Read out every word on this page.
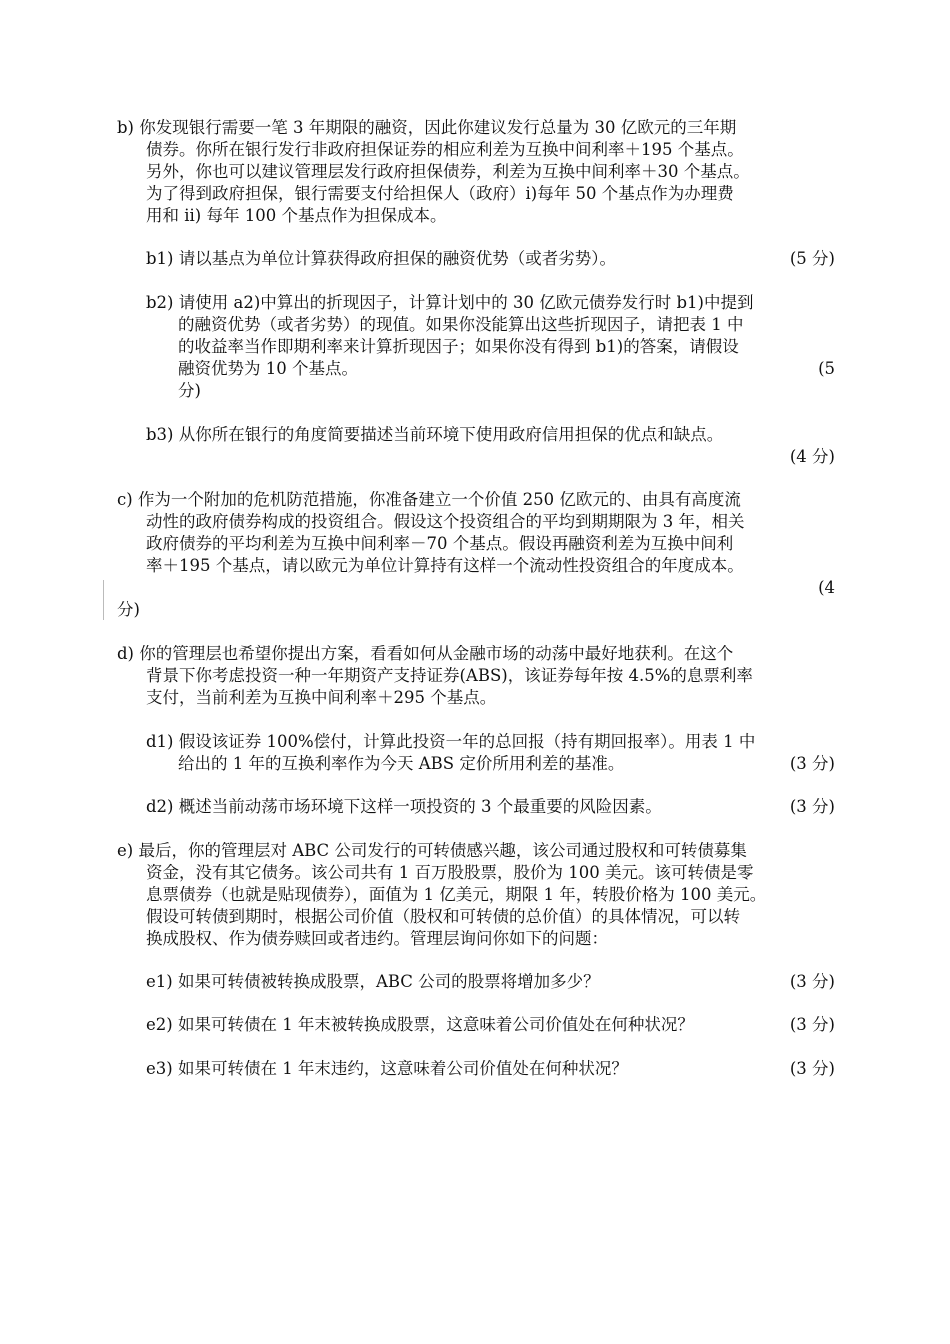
b) 你发现银行需要一笔 3 年期限的融资，因此你建议发行总量为 30 亿欧元的三年期
债券。你所在银行发行非政府担保证券的相应利差为互换中间利率＋195 个基点。
另外，你也可以建议管理层发行政府担保债券，利差为互换中间利率＋30 个基点。
为了得到政府担保，银行需要支付给担保人（政府）i)每年 50 个基点作为办理费
用和 ii) 每年 100 个基点作为担保成本。
b1) 请以基点为单位计算获得政府担保的融资优势（或者劣势）。	(5 分)
b2) 请使用 a2)中算出的折现因子，计算计划中的 30 亿欧元债券发行时 b1)中提到
的融资优势（或者劣势）的现值。如果你没能算出这些折现因子，请把表 1 中
的收益率当作即期利率来计算折现因子；如果你没有得到 b1)的答案，请假设
融资优势为 10 个基点。	(5
分)
b3) 从你所在银行的角度简要描述当前环境下使用政府信用担保的优点和缺点。
(4 分)
c) 作为一个附加的危机防范措施，你准备建立一个价值 250 亿欧元的、由具有高度流
动性的政府债券构成的投资组合。假设这个投资组合的平均到期期限为 3 年，相关
政府债券的平均利差为互换中间利率－70 个基点。假设再融资利差为互换中间利
率＋195 个基点，请以欧元为单位计算持有这样一个流动性投资组合的年度成本。
(4
分)
d) 你的管理层也希望你提出方案，看看如何从金融市场的动荡中最好地获利。在这个
背景下你考虑投资一种一年期资产支持证券(ABS)，该证券每年按 4.5%的息票利率
支付，当前利差为互换中间利率＋295 个基点。
d1) 假设该证券 100%偿付，计算此投资一年的总回报（持有期回报率）。用表 1 中
给出的 1 年的互换利率作为今天 ABS 定价所用利差的基准。	(3 分)
d2) 概述当前动荡市场环境下这样一项投资的 3 个最重要的风险因素。	(3 分)
e) 最后，你的管理层对 ABC 公司发行的可转债感兴趣，该公司通过股权和可转债募集
资金，没有其它债务。该公司共有 1 百万股股票，股价为 100 美元。该可转债是零
息票债券（也就是贴现债券），面值为 1 亿美元，期限 1 年，转股价格为 100 美元。
假设可转债到期时，根据公司价值（股权和可转债的总价值）的具体情况，可以转
换成股权、作为债券赎回或者违约。管理层询问你如下的问题：
e1) 如果可转债被转换成股票，ABC 公司的股票将增加多少？	(3 分)
e2) 如果可转债在 1 年末被转换成股票，这意味着公司价值处在何种状况？	(3 分)
e3) 如果可转债在 1 年末违约，这意味着公司价值处在何种状况？	(3 分)
